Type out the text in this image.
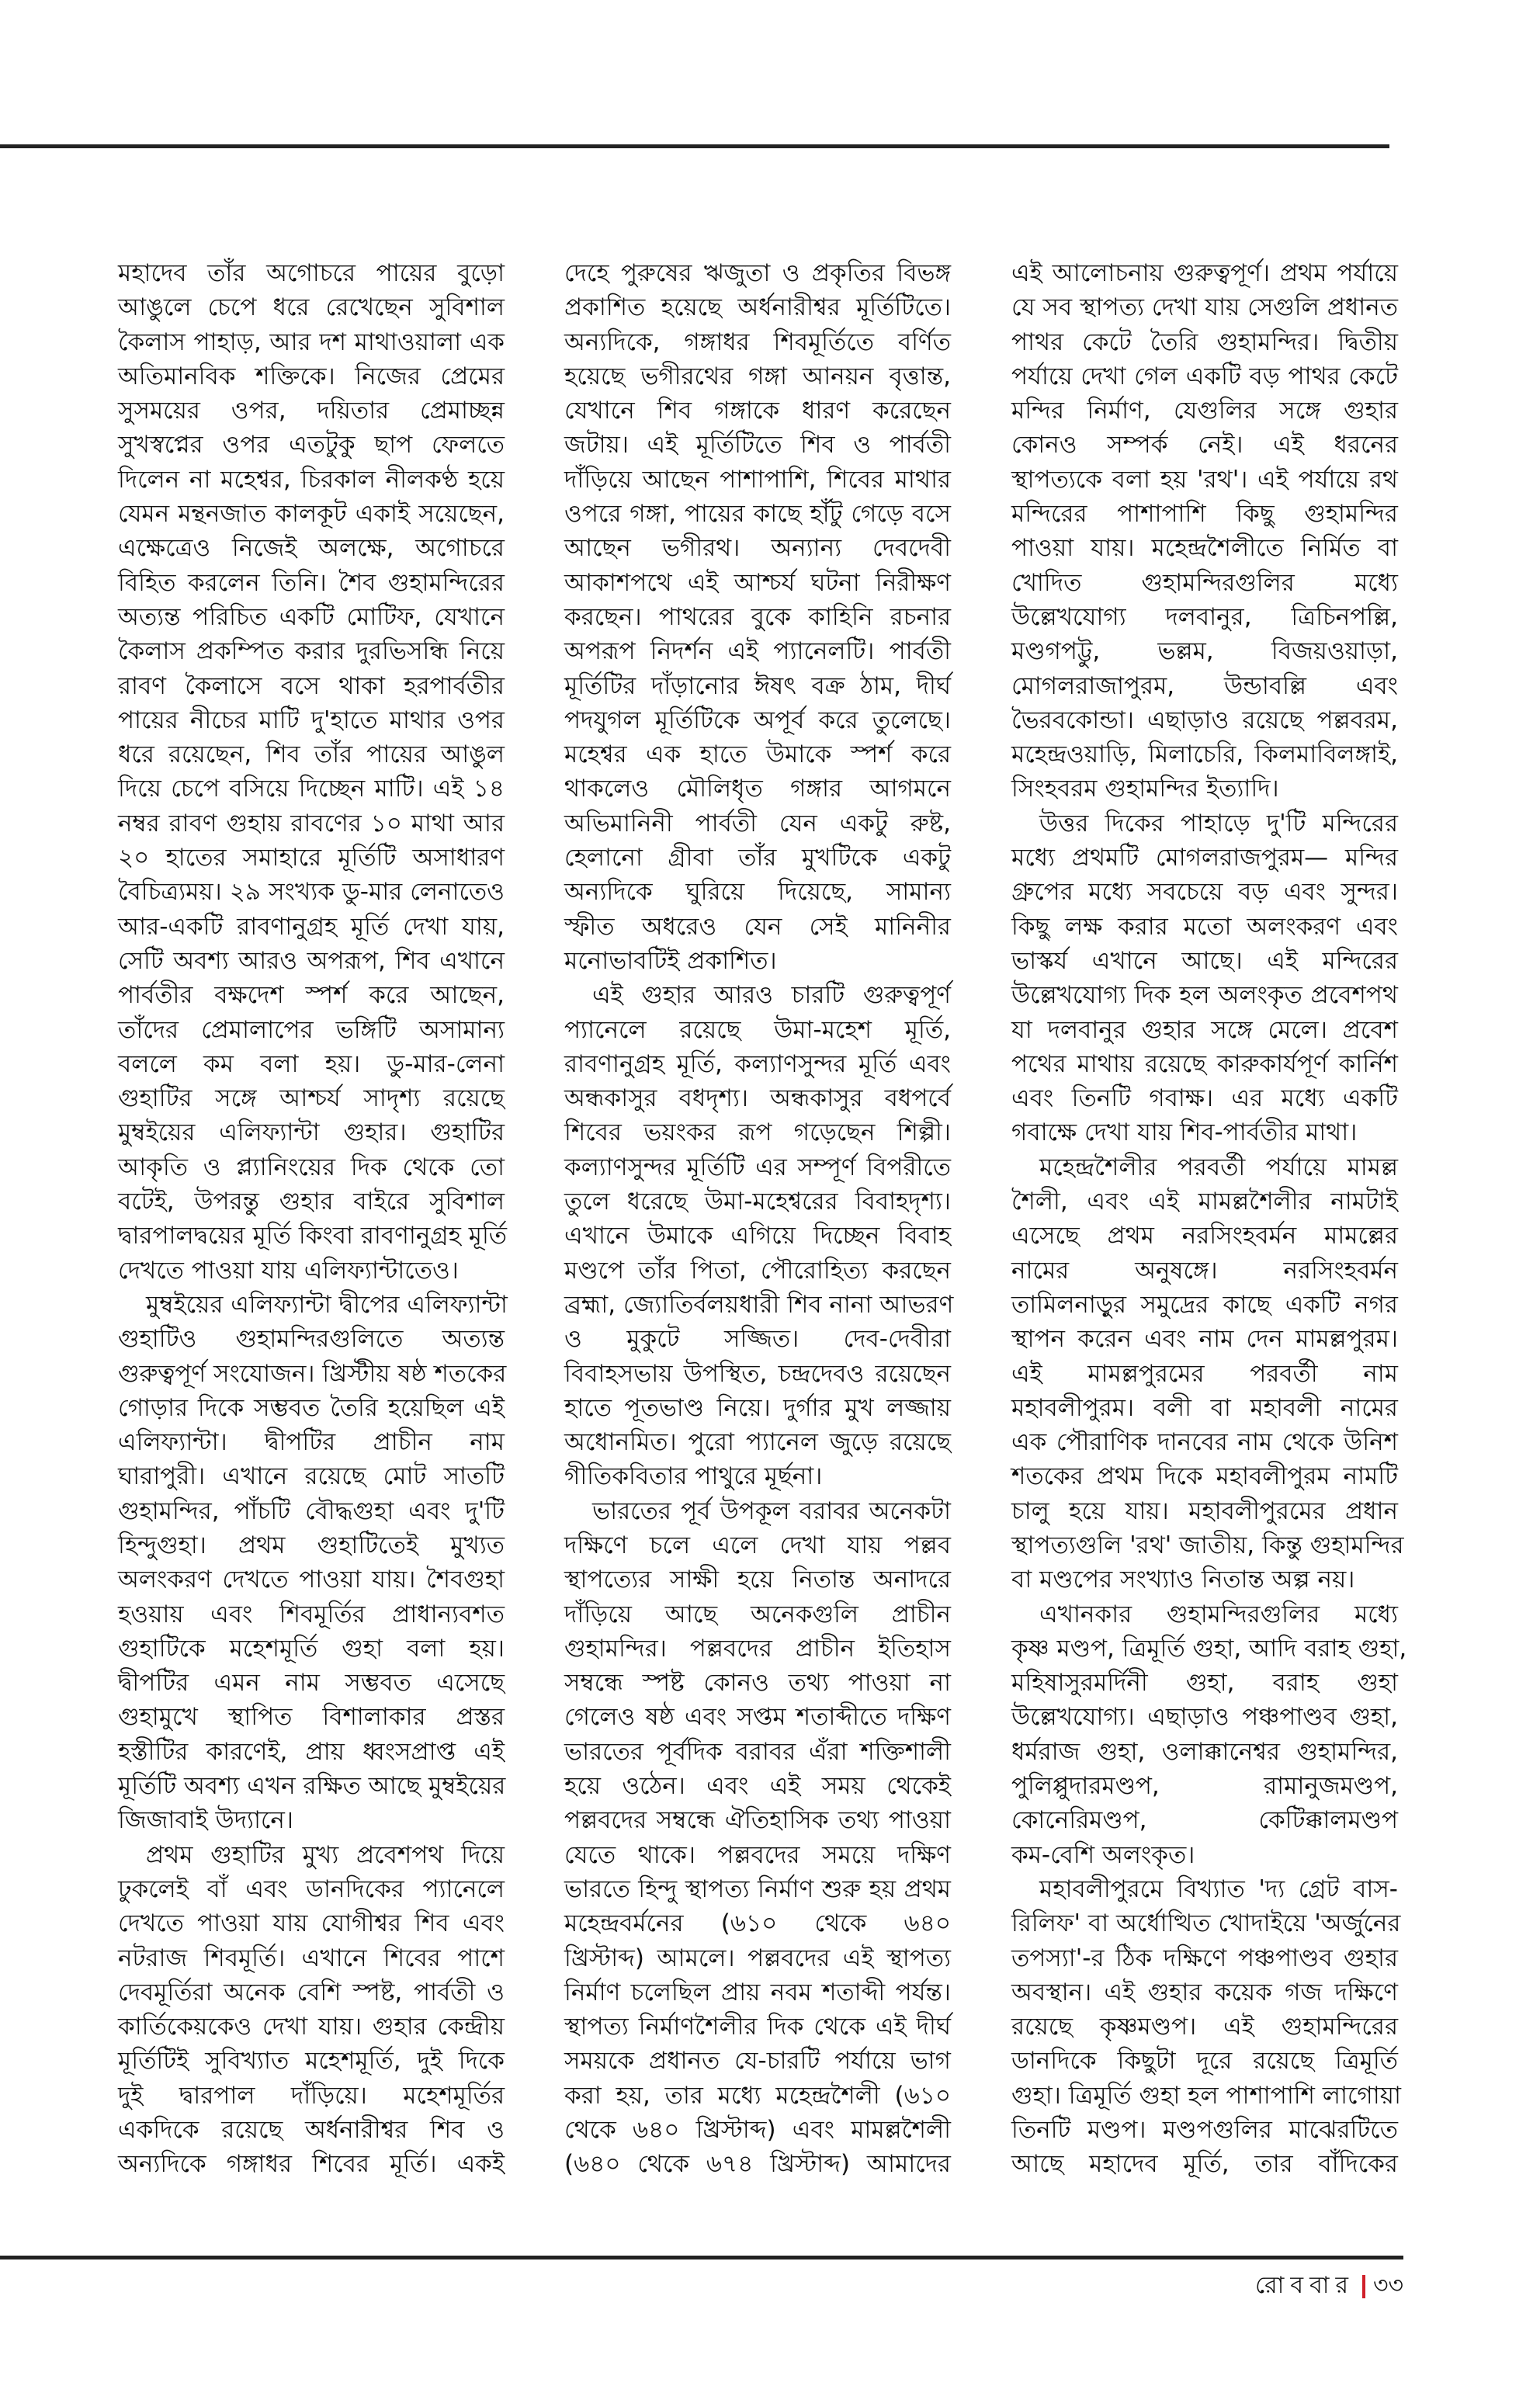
মহাদেব তাঁর অগোচরে পায়ের বুড়ো
আঙুলে চেপে ধরে রেখেছেন সুবিশাল
কৈলাস পাহাড়, আর দশ মাথাওয়ালা এক
অতিমানবিক শক্তিকে। নিজের প্রেমের
সুসময়ের ওপর, দয়িতার প্রেমাচ্ছন্ন
সুখস্বপ্নের ওপর এতটুকু ছাপ ফেলতে
দিলেন না মহেশ্বর, চিরকাল নীলকণ্ঠ হয়ে
যেমন মন্থনজাত কালকূট একাই সয়েছেন,
এক্ষেত্রেও নিজেই অলক্ষে, অগোচরে
বিহিত করলেন তিনি। শৈব গুহামন্দিরের
অত্যন্ত পরিচিত একটি মোটিফ, যেখানে
কৈলাস প্রকম্পিত করার দুরভিসন্ধি নিয়ে
রাবণ কৈলাসে বসে থাকা হরপার্বতীর
পায়ের নীচের মাটি দু'হাতে মাথার ওপর
ধরে রয়েছেন, শিব তাঁর পায়ের আঙুল
দিয়ে চেপে বসিয়ে দিচ্ছেন মাটি। এই ১৪
নম্বর রাবণ গুহায় রাবণের ১০ মাথা আর
২০ হাতের সমাহারে মূর্তিটি অসাধারণ
বৈচিত্র্যময়। ২৯ সংখ্যক ডু-মার লেনাতেও
আর-একটি রাবণানুগ্রহ মূর্তি দেখা যায়,
সেটি অবশ্য আরও অপরূপ, শিব এখানে
পার্বতীর বক্ষদেশ স্পর্শ করে আছেন,
তাঁদের প্রেমালাপের ভঙ্গিটি অসামান্য
বললে কম বলা হয়। ডু-মার-লেনা
গুহাটির সঙ্গে আশ্চর্য সাদৃশ্য রয়েছে
মুম্বইয়ের এলিফ্যান্টা গুহার। গুহাটির
আকৃতি ও প্ল্যানিংয়ের দিক থেকে তো
বটেই, উপরন্তু গুহার বাইরে সুবিশাল
দ্বারপালদ্বয়ের মূর্তি কিংবা রাবণানুগ্রহ মূর্তি
দেখতে পাওয়া যায় এলিফ্যান্টাতেও।
মুম্বইয়ের এলিফ্যান্টা দ্বীপের এলিফ্যান্টা
গুহাটিও গুহামন্দিরগুলিতে অত্যন্ত
গুরুত্বপূর্ণ সংযোজন। খ্রিস্টীয় ষষ্ঠ শতকের
গোড়ার দিকে সম্ভবত তৈরি হয়েছিল এই
এলিফ্যান্টা। দ্বীপটির প্রাচীন নাম
ঘারাপুরী। এখানে রয়েছে মোট সাতটি
গুহামন্দির, পাঁচটি বৌদ্ধগুহা এবং দু'টি
হিন্দুগুহা। প্রথম গুহাটিতেই মুখ্যত
অলংকরণ দেখতে পাওয়া যায়। শৈবগুহা
হওয়ায় এবং শিবমূর্তির প্রাধান্যবশত
গুহাটিকে মহেশমূর্তি গুহা বলা হয়।
দ্বীপটির এমন নাম সম্ভবত এসেছে
গুহামুখে স্থাপিত বিশালাকার প্রস্তর
হস্তীটির কারণেই, প্রায় ধ্বংসপ্রাপ্ত এই
মূর্তিটি অবশ্য এখন রক্ষিত আছে মুম্বইয়ের
জিজাবাই উদ্যানে।
প্রথম গুহাটির মুখ্য প্রবেশপথ দিয়ে
ঢুকলেই বাঁ এবং ডানদিকের প্যানেলে
দেখতে পাওয়া যায় যোগীশ্বর শিব এবং
নটরাজ শিবমূর্তি। এখানে শিবের পাশে
দেবমূর্তিরা অনেক বেশি স্পষ্ট, পার্বতী ও
কার্তিকেয়কেও দেখা যায়। গুহার কেন্দ্রীয়
মূর্তিটিই সুবিখ্যাত মহেশমূর্তি, দুই দিকে
দুই দ্বারপাল দাঁড়িয়ে। মহেশমূর্তির
একদিকে রয়েছে অর্ধনারীশ্বর শিব ও
অন্যদিকে গঙ্গাধর শিবের মূর্তি। একই
দেহে পুরুষের ঋজুতা ও প্রকৃতির বিভঙ্গ
প্রকাশিত হয়েছে অর্ধনারীশ্বর মূর্তিটিতে।
অন্যদিকে, গঙ্গাধর শিবমূর্তিতে বর্ণিত
হয়েছে ভগীরথের গঙ্গা আনয়ন বৃত্তান্ত,
যেখানে শিব গঙ্গাকে ধারণ করেছেন
জটায়। এই মূর্তিটিতে শিব ও পার্বতী
দাঁড়িয়ে আছেন পাশাপাশি, শিবের মাথার
ওপরে গঙ্গা, পায়ের কাছে হাঁটু গেড়ে বসে
আছেন ভগীরথ। অন্যান্য দেবদেবী
আকাশপথে এই আশ্চর্য ঘটনা নিরীক্ষণ
করছেন। পাথরের বুকে কাহিনি রচনার
অপরূপ নিদর্শন এই প্যানেলটি। পার্বতী
মূর্তিটির দাঁড়ানোর ঈষৎ বক্র ঠাম, দীর্ঘ
পদযুগল মূর্তিটিকে অপূর্ব করে তুলেছে।
মহেশ্বর এক হাতে উমাকে স্পর্শ করে
থাকলেও মৌলিধৃত গঙ্গার আগমনে
অভিমানিনী পার্বতী যেন একটু রুষ্ট,
হেলানো গ্রীবা তাঁর মুখটিকে একটু
অন্যদিকে ঘুরিয়ে দিয়েছে, সামান্য
স্ফীত অধরেও যেন সেই মানিনীর
মনোভাবটিই প্রকাশিত।
এই গুহার আরও চারটি গুরুত্বপূর্ণ
প্যানেলে রয়েছে উমা-মহেশ মূর্তি,
রাবণানুগ্রহ মূর্তি, কল্যাণসুন্দর মূর্তি এবং
অন্ধকাসুর বধদৃশ্য। অন্ধকাসুর বধপর্বে
শিবের ভয়ংকর রূপ গড়েছেন শিল্পী।
কল্যাণসুন্দর মূর্তিটি এর সম্পূর্ণ বিপরীতে
তুলে ধরেছে উমা-মহেশ্বরের বিবাহদৃশ্য।
এখানে উমাকে এগিয়ে দিচ্ছেন বিবাহ
মণ্ডপে তাঁর পিতা, পৌরোহিত্য করছেন
ব্রহ্মা, জ্যোতির্বলয়ধারী শিব নানা আভরণ
ও মুকুটে সজ্জিত। দেব-দেবীরা
বিবাহসভায় উপস্থিত, চন্দ্রদেবও রয়েছেন
হাতে পূতভাণ্ড নিয়ে। দুর্গার মুখ লজ্জায়
অধোনমিত। পুরো প্যানেল জুড়ে রয়েছে
গীতিকবিতার পাথুরে মূর্ছনা।
ভারতের পূর্ব উপকূল বরাবর অনেকটা
দক্ষিণে চলে এলে দেখা যায় পল্লব
স্থাপত্যের সাক্ষী হয়ে নিতান্ত অনাদরে
দাঁড়িয়ে আছে অনেকগুলি প্রাচীন
গুহামন্দির। পল্লবদের প্রাচীন ইতিহাস
সম্বন্ধে স্পষ্ট কোনও তথ্য পাওয়া না
গেলেও ষষ্ঠ এবং সপ্তম শতাব্দীতে দক্ষিণ
ভারতের পূর্বদিক বরাবর এঁরা শক্তিশালী
হয়ে ওঠেন। এবং এই সময় থেকেই
পল্লবদের সম্বন্ধে ঐতিহাসিক তথ্য পাওয়া
যেতে থাকে। পল্লবদের সময়ে দক্ষিণ
ভারতে হিন্দু স্থাপত্য নির্মাণ শুরু হয় প্রথম
মহেন্দ্রবর্মনের (৬১০ থেকে ৬৪০
খ্রিস্টাব্দ) আমলে। পল্লবদের এই স্থাপত্য
নির্মাণ চলেছিল প্রায় নবম শতাব্দী পর্যন্ত।
স্থাপত্য নির্মাণশৈলীর দিক থেকে এই দীর্ঘ
সময়কে প্রধানত যে-চারটি পর্যায়ে ভাগ
করা হয়, তার মধ্যে মহেন্দ্রশৈলী (৬১০
থেকে ৬৪০ খ্রিস্টাব্দ) এবং মামল্লশৈলী
(৬৪০ থেকে ৬৭৪ খ্রিস্টাব্দ) আমাদের
এই আলোচনায় গুরুত্বপূর্ণ। প্রথম পর্যায়ে
যে সব স্থাপত্য দেখা যায় সেগুলি প্রধানত
পাথর কেটে তৈরি গুহামন্দির। দ্বিতীয়
পর্যায়ে দেখা গেল একটি বড় পাথর কেটে
মন্দির নির্মাণ, যেগুলির সঙ্গে গুহার
কোনও সম্পর্ক নেই। এই ধরনের
স্থাপত্যকে বলা হয় 'রথ'। এই পর্যায়ে রথ
মন্দিরের পাশাপাশি কিছু গুহামন্দির
পাওয়া যায়। মহেন্দ্রশৈলীতে নির্মিত বা
খোদিত গুহামন্দিরগুলির মধ্যে
উল্লেখযোগ্য দলবানুর, ত্রিচিনপল্লি,
মণ্ডগপট্টু, ভল্লম, বিজয়ওয়াড়া,
মোগলরাজাপুরম, উন্ডাবল্লি এবং
ভৈরবকোন্ডা। এছাড়াও রয়েছে পল্লবরম,
মহেন্দ্রওয়াড়ি, মিলাচেরি, কিলমাবিলঙ্গাই,
সিংহবরম গুহামন্দির ইত্যাদি।
উত্তর দিকের পাহাড়ে দু'টি মন্দিরের
মধ্যে প্রথমটি মোগলরাজপুরম— মন্দির
গ্রুপের মধ্যে সবচেয়ে বড় এবং সুন্দর।
কিছু লক্ষ করার মতো অলংকরণ এবং
ভাস্কর্য এখানে আছে। এই মন্দিরের
উল্লেখযোগ্য দিক হল অলংকৃত প্রবেশপথ
যা দলবানুর গুহার সঙ্গে মেলে। প্রবেশ
পথের মাথায় রয়েছে কারুকার্যপূর্ণ কার্নিশ
এবং তিনটি গবাক্ষ। এর মধ্যে একটি
গবাক্ষে দেখা যায় শিব-পার্বতীর মাথা।
মহেন্দ্রশৈলীর পরবর্তী পর্যায়ে মামল্ল
শৈলী, এবং এই মামল্লশৈলীর নামটাই
এসেছে প্রথম নরসিংহবর্মন মামল্লের
নামের অনুষঙ্গে। নরসিংহবর্মন
তামিলনাড়ুর সমুদ্রের কাছে একটি নগর
স্থাপন করেন এবং নাম দেন মামল্লপুরম।
এই মামল্লপুরমের পরবর্তী নাম
মহাবলীপুরম। বলী বা মহাবলী নামের
এক পৌরাণিক দানবের নাম থেকে উনিশ
শতকের প্রথম দিকে মহাবলীপুরম নামটি
চালু হয়ে যায়। মহাবলীপুরমের প্রধান
স্থাপত্যগুলি 'রথ' জাতীয়, কিন্তু গুহামন্দির
বা মণ্ডপের সংখ্যাও নিতান্ত অল্প নয়।
এখানকার গুহামন্দিরগুলির মধ্যে
কৃষ্ণ মণ্ডপ, ত্রিমূর্তি গুহা, আদি বরাহ গুহা,
মহিষাসুরমর্দিনী গুহা, বরাহ গুহা
উল্লেখযোগ্য। এছাড়াও পঞ্চপাণ্ডব গুহা,
ধর্মরাজ গুহা, ওলাক্কানেশ্বর গুহামন্দির,
পুলিপ্পুদারমণ্ডপ, রামানুজমণ্ডপ,
কোনেরিমণ্ডপ, কেটিক্কালমণ্ডপ
কম-বেশি অলংকৃত।
মহাবলীপুরমে বিখ্যাত 'দ্য গ্রেট বাস-
রিলিফ' বা অর্ধোত্থিত খোদাইয়ে 'অর্জুনের
তপস্যা'-র ঠিক দক্ষিণে পঞ্চপাণ্ডব গুহার
অবস্থান। এই গুহার কয়েক গজ দক্ষিণে
রয়েছে কৃষ্ণমণ্ডপ। এই গুহামন্দিরের
ডানদিকে কিছুটা দূরে রয়েছে ত্রিমূর্তি
গুহা। ত্রিমূর্তি গুহা হল পাশাপাশি লাগোয়া
তিনটি মণ্ডপ। মণ্ডপগুলির মাঝেরটিতে
আছে মহাদেব মূর্তি, তার বাঁদিকের
রোববার ৩৩
